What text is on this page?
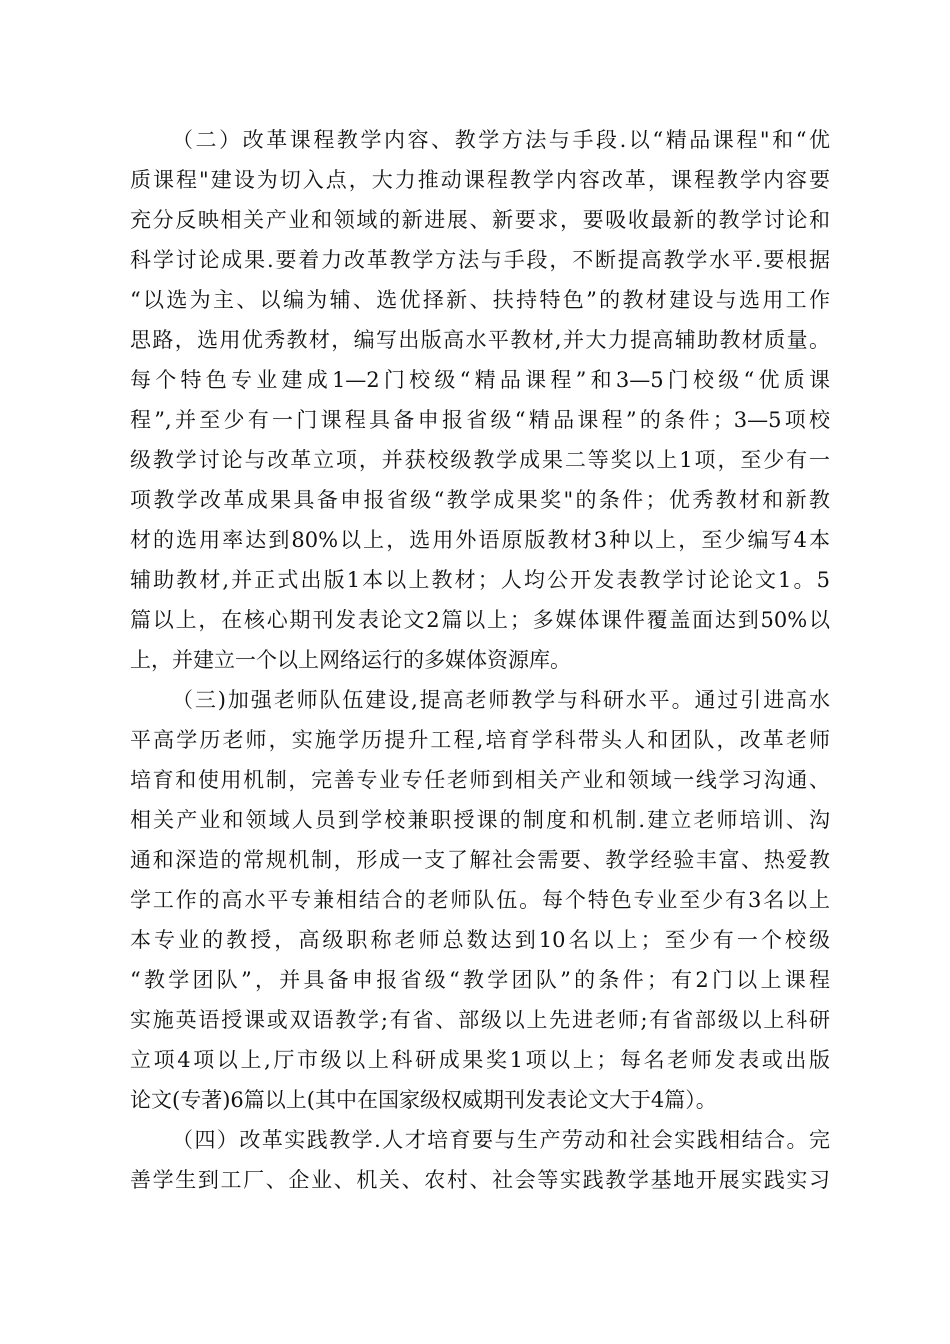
（二）改革课程教学内容、教学方法与手段.以“精品课程"和“优
质课程"建设为切入点，大力推动课程教学内容改革，课程教学内容要
充分反映相关产业和领域的新进展、新要求，要吸收最新的教学讨论和
科学讨论成果.要着力改革教学方法与手段，不断提高教学水平.要根据
“以选为主、以编为辅、选优择新、扶持特色”的教材建设与选用工作
思路，选用优秀教材，编写出版高水平教材,并大力提高辅助教材质量。
每个特色专业建成1—2门校级“精品课程”和3—5门校级“优质课
程”,并至少有一门课程具备申报省级“精品课程”的条件；3—5项校
级教学讨论与改革立项，并获校级教学成果二等奖以上1项，至少有一
项教学改革成果具备申报省级“教学成果奖"的条件；优秀教材和新教
材的选用率达到80%以上，选用外语原版教材3种以上，至少编写4本
辅助教材,并正式出版1本以上教材；人均公开发表教学讨论论文1。5
篇以上，在核心期刊发表论文2篇以上；多媒体课件覆盖面达到50%以
上，并建立一个以上网络运行的多媒体资源库。
（三)加强老师队伍建设,提高老师教学与科研水平。通过引进高水
平高学历老师，实施学历提升工程,培育学科带头人和团队，改革老师
培育和使用机制，完善专业专任老师到相关产业和领域一线学习沟通、
相关产业和领域人员到学校兼职授课的制度和机制.建立老师培训、沟
通和深造的常规机制，形成一支了解社会需要、教学经验丰富、热爱教
学工作的高水平专兼相结合的老师队伍。每个特色专业至少有3名以上
本专业的教授，高级职称老师总数达到10名以上；至少有一个校级
“教学团队”，并具备申报省级“教学团队”的条件；有2门以上课程
实施英语授课或双语教学;有省、部级以上先进老师;有省部级以上科研
立项4项以上,厅市级以上科研成果奖1项以上；每名老师发表或出版
论文(专著)6篇以上(其中在国家级权威期刊发表论文大于4篇）。
（四）改革实践教学.人才培育要与生产劳动和社会实践相结合。完
善学生到工厂、企业、机关、农村、社会等实践教学基地开展实践实习
